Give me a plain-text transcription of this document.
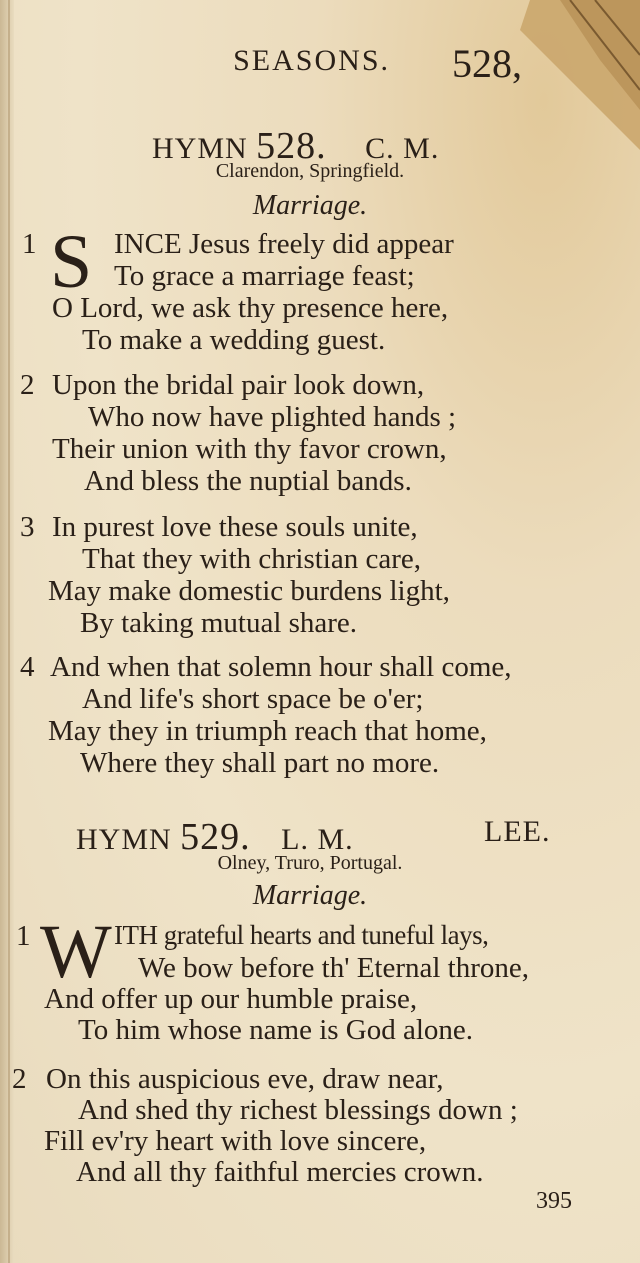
SEASONS. 528,
HYMN 528. C. M.
Clarendon, Springfield.
Marriage.
1 S INCE Jesus freely did appear
To grace a marriage feast;
O Lord, we ask thy presence here,
To make a wedding guest.
2 Upon the bridal pair look down,
Who now have plighted hands ;
Their union with thy favor crown,
And bless the nuptial bands.
3 In purest love these souls unite,
That they with christian care,
May make domestic burdens light,
By taking mutual share.
4 And when that solemn hour shall come,
And life's short space be o'er;
May they in triumph reach that home,
Where they shall part no more.
HYMN 529. L. M.	LEE.
Olney, Truro, Portugal.
Marriage.
1 W ITH grateful hearts and tuneful lays,
We bow before th' Eternal throne,
And offer up our humble praise,
To him whose name is God alone.
2 On this auspicious eve, draw near,
And shed thy richest blessings down ;
Fill ev'ry heart with love sincere,
And all thy faithful mercies crown.
395
